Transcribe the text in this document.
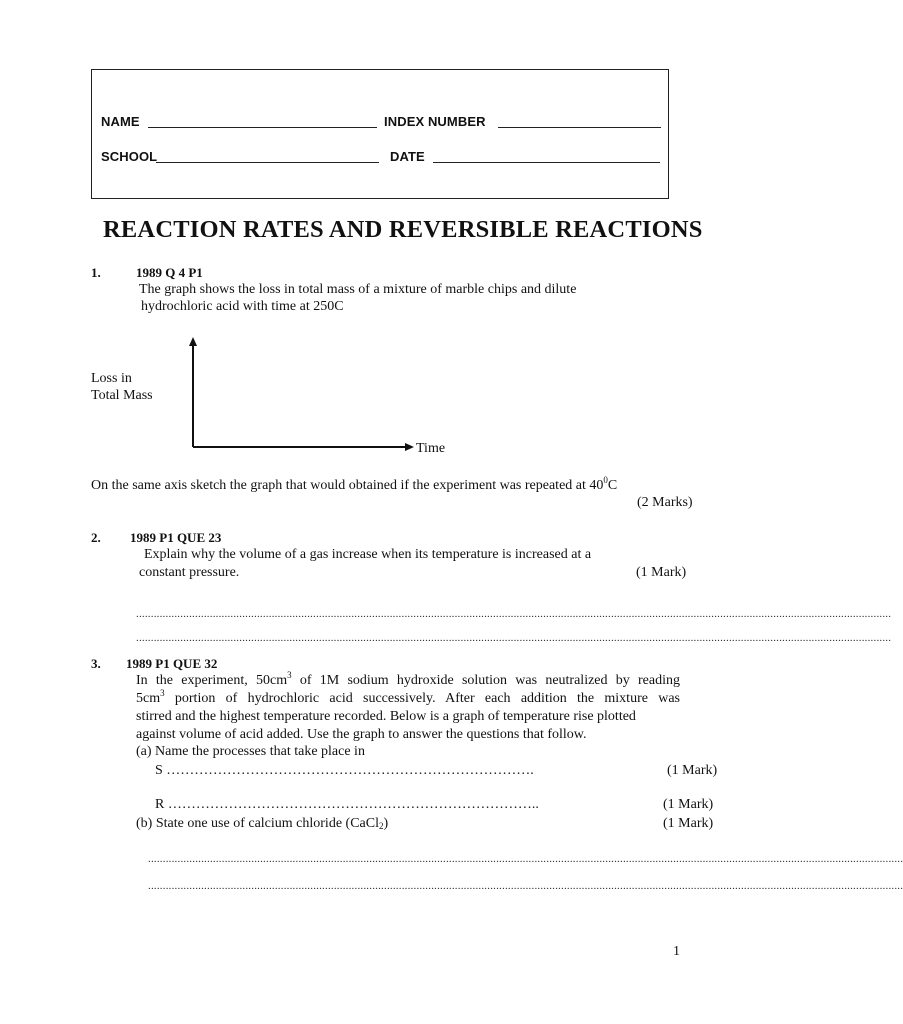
NAME	INDEX NUMBER
SCHOOL	DATE
REACTION RATES AND REVERSIBLE REACTIONS
1.	1989 Q 4 P1
The graph shows the loss in total mass of a mixture of marble chips and dilute
hydrochloric acid with time at 250C
Loss in
Total Mass
Time
On the same axis sketch the graph that would obtained if the experiment was repeated at $40^0C$
(2 Marks)
2. 1989 P1 QUE 23
Explain why the volume of a gas increase when its temperature is increased at a
constant pressure.	(1 Mark)
................................................................................................................................................................................................................................................................
................................................................................................................................................................................................................................................................
3. 1989 P1 QUE 32
In the experiment, $50cm^3$ of 1M sodium hydroxide solution was neutralized by reading
$5cm^3$ portion of hydrochloric acid successively. After each addition the mixture was
stirred and the highest temperature recorded. Below is a graph of temperature rise plotted
against volume of acid added. Use the graph to answer the questions that follow.
(a) Name the processes that take place in
S …………………………………………………………………….	(1 Mark)
R ……………………………………………………………………..	(1 Mark)
(b) State one use of calcium chloride (CaCl$_2$)	(1 Mark)
................................................................................................................................................................................................................................................................
................................................................................................................................................................................................................................................................
1
